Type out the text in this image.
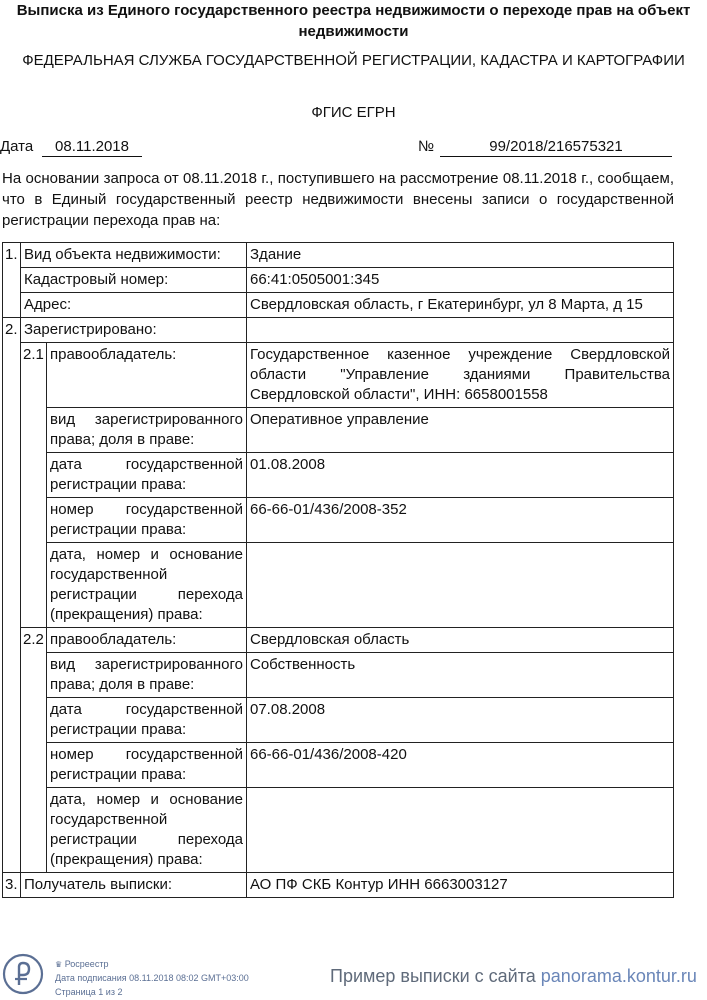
Выписка из Единого государственного реестра недвижимости о переходе прав на объект недвижимости
ФЕДЕРАЛЬНАЯ СЛУЖБА ГОСУДАРСТВЕННОЙ РЕГИСТРАЦИИ, КАДАСТРА И КАРТОГРАФИИ
ФГИС ЕГРН
Дата	08.11.2018	№	99/2018/216575321
На основании запроса от 08.11.2018 г., поступившего на рассмотрение 08.11.2018 г., сообщаем, что в Единый государственный реестр недвижимости внесены записи о государственной регистрации перехода прав на:
1.	Вид объекта недвижимости:		Здание
	Кадастровый номер:		66:41:0505001:345
	Адрес:		Свердловская область, г Екатеринбург, ул 8 Марта, д 15
2.	Зарегистрировано:		
	2.1	правообладатель:	Государственное казенное учреждение Свердловской области "Управление зданиями Правительства Свердловской области", ИНН: 6658001558
		вид зарегистрированного права; доля в праве:	Оперативное управление
		дата государственной регистрации права:	01.08.2008
		номер государственной регистрации права:	66-66-01/436/2008-352
		дата, номер и основание государственной регистрации перехода (прекращения) права:	
	2.2	правообладатель:	Свердловская область
		вид зарегистрированного права; доля в праве:	Собственность
		дата государственной регистрации права:	07.08.2008
		номер государственной регистрации права:	66-66-01/436/2008-420
		дата, номер и основание государственной регистрации перехода (прекращения) права:	
3.	Получатель выписки:		АО ПФ СКБ Контур ИНН 6663003127
♛ Росреестр
Дата подписания 08.11.2018 08:02 GMT+03:00
Страница 1 из 2
Пример выписки с сайта panorama.kontur.ru
